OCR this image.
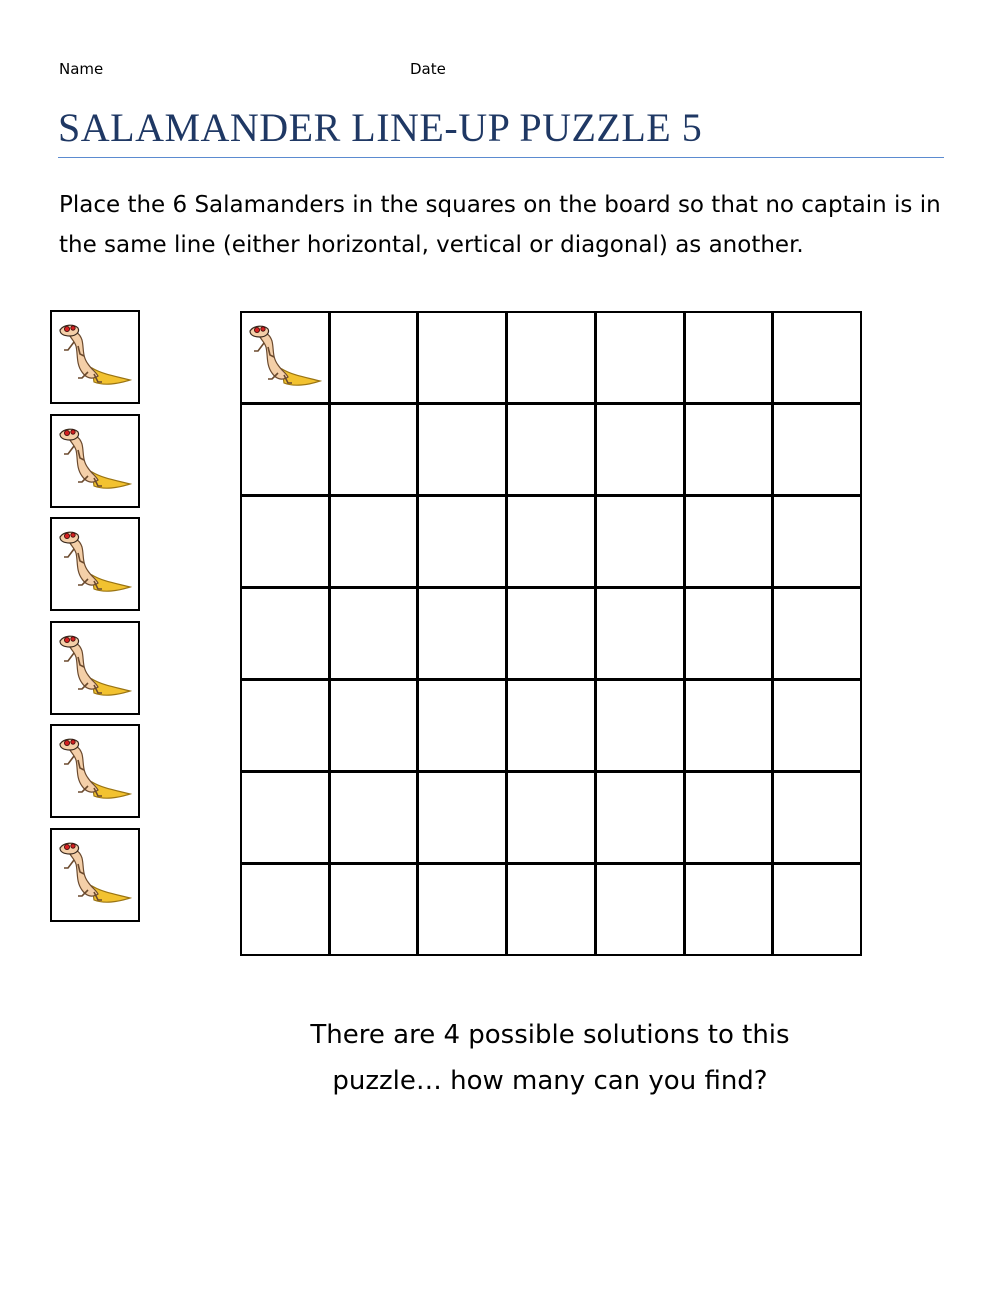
Name	Date
SALAMANDER LINE-UP PUZZLE 5

Place the 6 Salamanders in the squares on the board so that no captain is in the same line (either horizontal, vertical or diagonal) as another.

There are 4 possible solutions to this
puzzle… how many can you find?
